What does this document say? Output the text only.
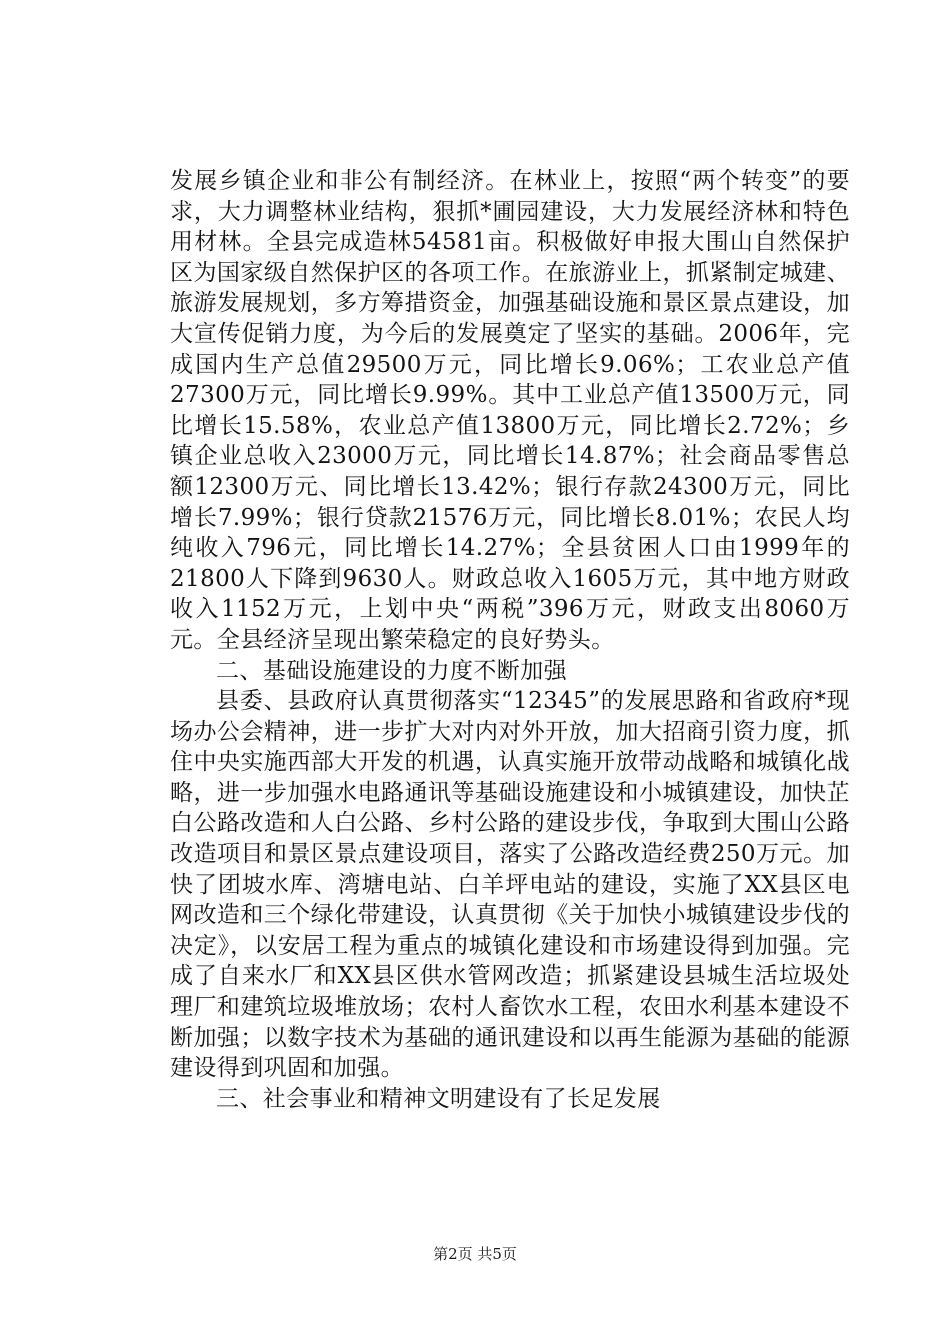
发展乡镇企业和非公有制经济。在林业上，按照“两个转变”的要求，大力调整林业结构，狠抓*圃园建设，大力发展经济林和特色用材林。全县完成造林54581亩。积极做好申报大围山自然保护区为国家级自然保护区的各项工作。在旅游业上，抓紧制定城建、旅游发展规划，多方筹措资金，加强基础设施和景区景点建设，加大宣传促销力度，为今后的发展奠定了坚实的基础。2006年，完成国内生产总值29500万元，同比增长9.06%；工农业总产值27300万元，同比增长9.99%。其中工业总产值13500万元，同比增长15.58%，农业总产值13800万元，同比增长2.72%；乡镇企业总收入23000万元，同比增长14.87%；社会商品零售总额12300万元、同比增长13.42%；银行存款24300万元，同比增长7.99%；银行贷款21576万元，同比增长8.01%；农民人均纯收入796元，同比增长14.27%；全县贫困人口由1999年的21800人下降到9630人。财政总收入1605万元，其中地方财政收入1152万元，上划中央“两税”396万元，财政支出8060万元。全县经济呈现出繁荣稳定的良好势头。

二、基础设施建设的力度不断加强

县委、县政府认真贯彻落实“12345”的发展思路和省政府*现场办公会精神，进一步扩大对内对外开放，加大招商引资力度，抓住中央实施西部大开发的机遇，认真实施开放带动战略和城镇化战略，进一步加强水电路通讯等基础设施建设和小城镇建设，加快芷白公路改造和人白公路、乡村公路的建设步伐，争取到大围山公路改造项目和景区景点建设项目，落实了公路改造经费250万元。加快了团坡水库、湾塘电站、白羊坪电站的建设，实施了XX县区电网改造和三个绿化带建设，认真贯彻《关于加快小城镇建设步伐的决定》，以安居工程为重点的城镇化建设和市场建设得到加强。完成了自来水厂和XX县区供水管网改造；抓紧建设县城生活垃圾处理厂和建筑垃圾堆放场；农村人畜饮水工程，农田水利基本建设不断加强；以数字技术为基础的通讯建设和以再生能源为基础的能源建设得到巩固和加强。

三、社会事业和精神文明建设有了长足发展

第2页 共5页
